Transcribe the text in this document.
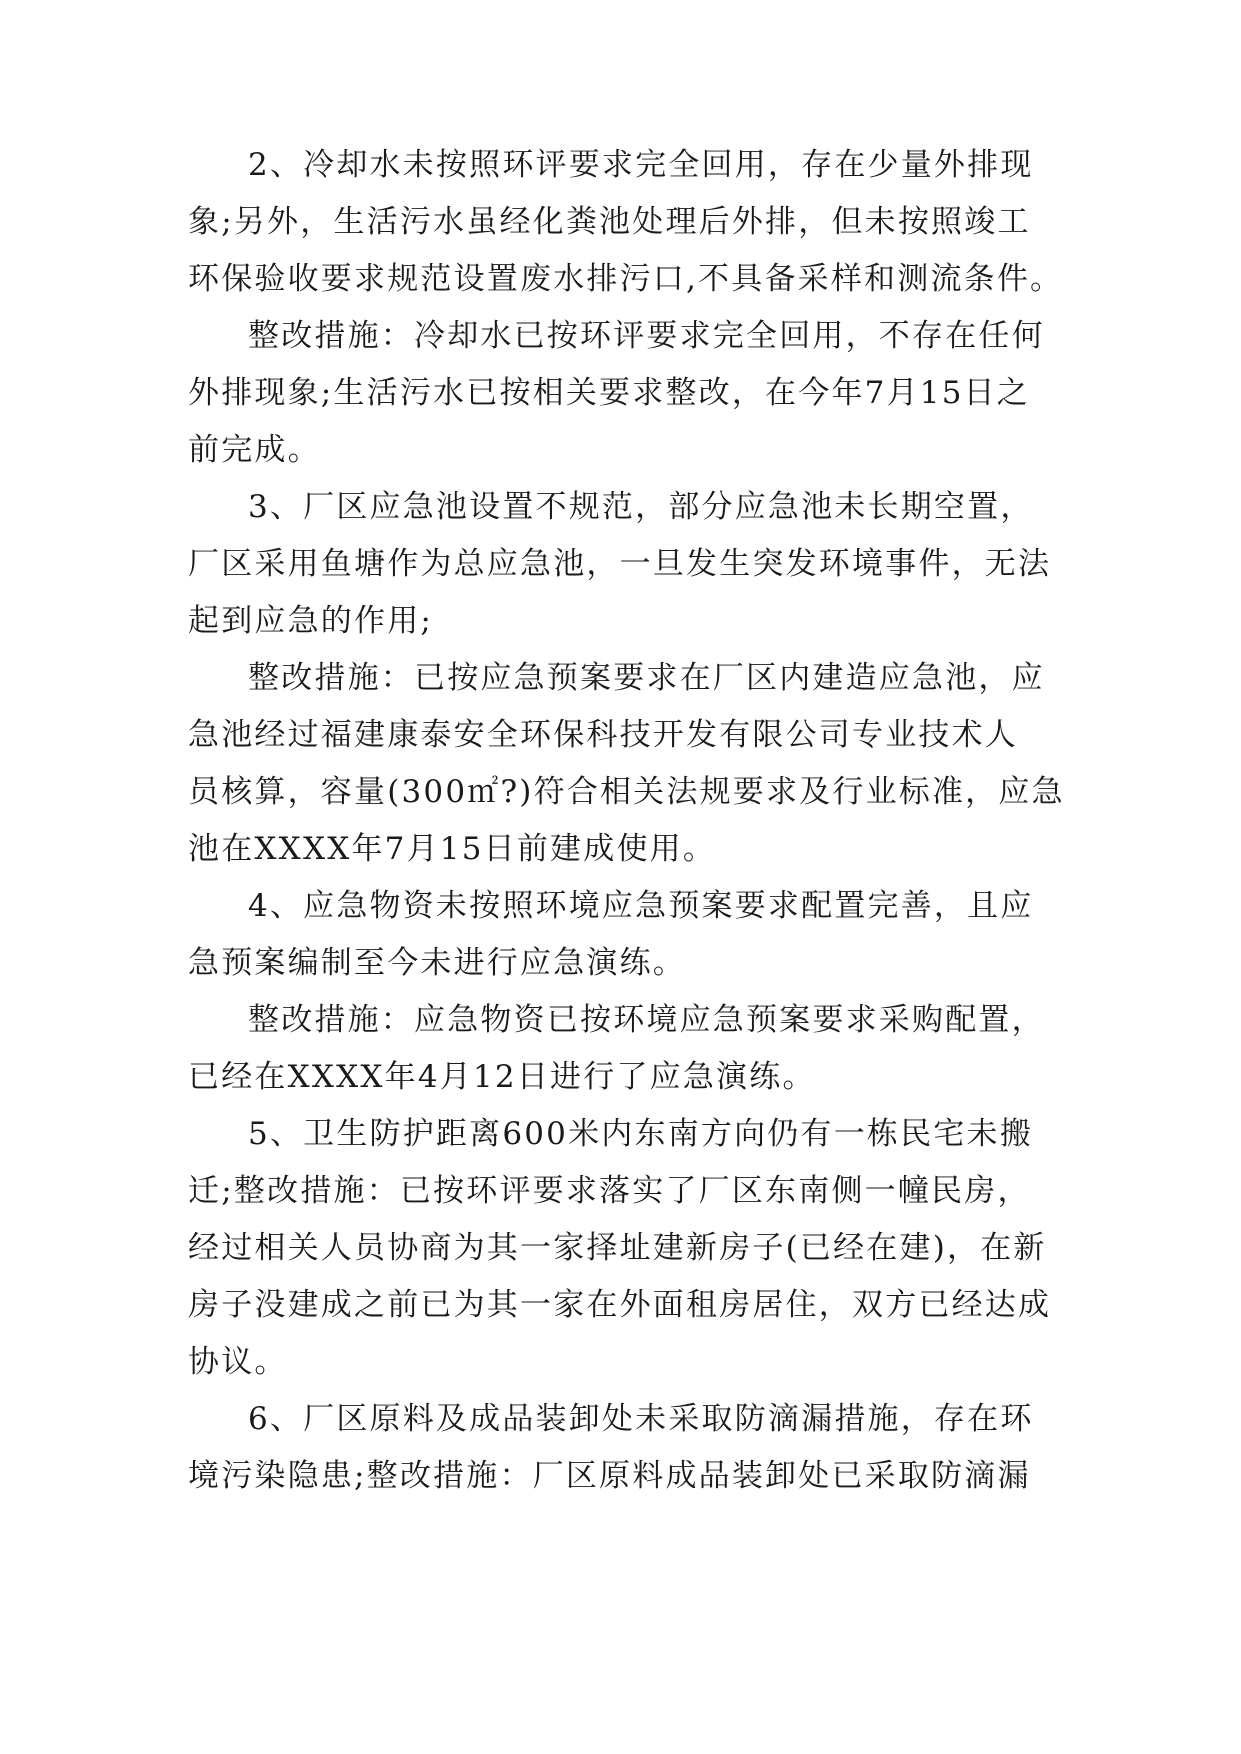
2、冷却水未按照环评要求完全回用，存在少量外排现
象;另外，生活污水虽经化粪池处理后外排，但未按照竣工
环保验收要求规范设置废水排污口,不具备采样和测流条件。
整改措施：冷却水已按环评要求完全回用，不存在任何
外排现象;生活污水已按相关要求整改，在今年7月15日之
前完成。
3、厂区应急池设置不规范，部分应急池未长期空置，
厂区采用鱼塘作为总应急池，一旦发生突发环境事件，无法
起到应急的作用;
整改措施：已按应急预案要求在厂区内建造应急池，应
急池经过福建康泰安全环保科技开发有限公司专业技术人
员核算，容量(300㎡?)符合相关法规要求及行业标准，应急
池在XXXX年7月15日前建成使用。
4、应急物资未按照环境应急预案要求配置完善，且应
急预案编制至今未进行应急演练。
整改措施：应急物资已按环境应急预案要求采购配置，
已经在XXXX年4月12日进行了应急演练。
5、卫生防护距离600米内东南方向仍有一栋民宅未搬
迁;整改措施：已按环评要求落实了厂区东南侧一幢民房，
经过相关人员协商为其一家择址建新房子(已经在建)，在新
房子没建成之前已为其一家在外面租房居住，双方已经达成
协议。
6、厂区原料及成品装卸处未采取防滴漏措施，存在环
境污染隐患;整改措施：厂区原料成品装卸处已采取防滴漏
